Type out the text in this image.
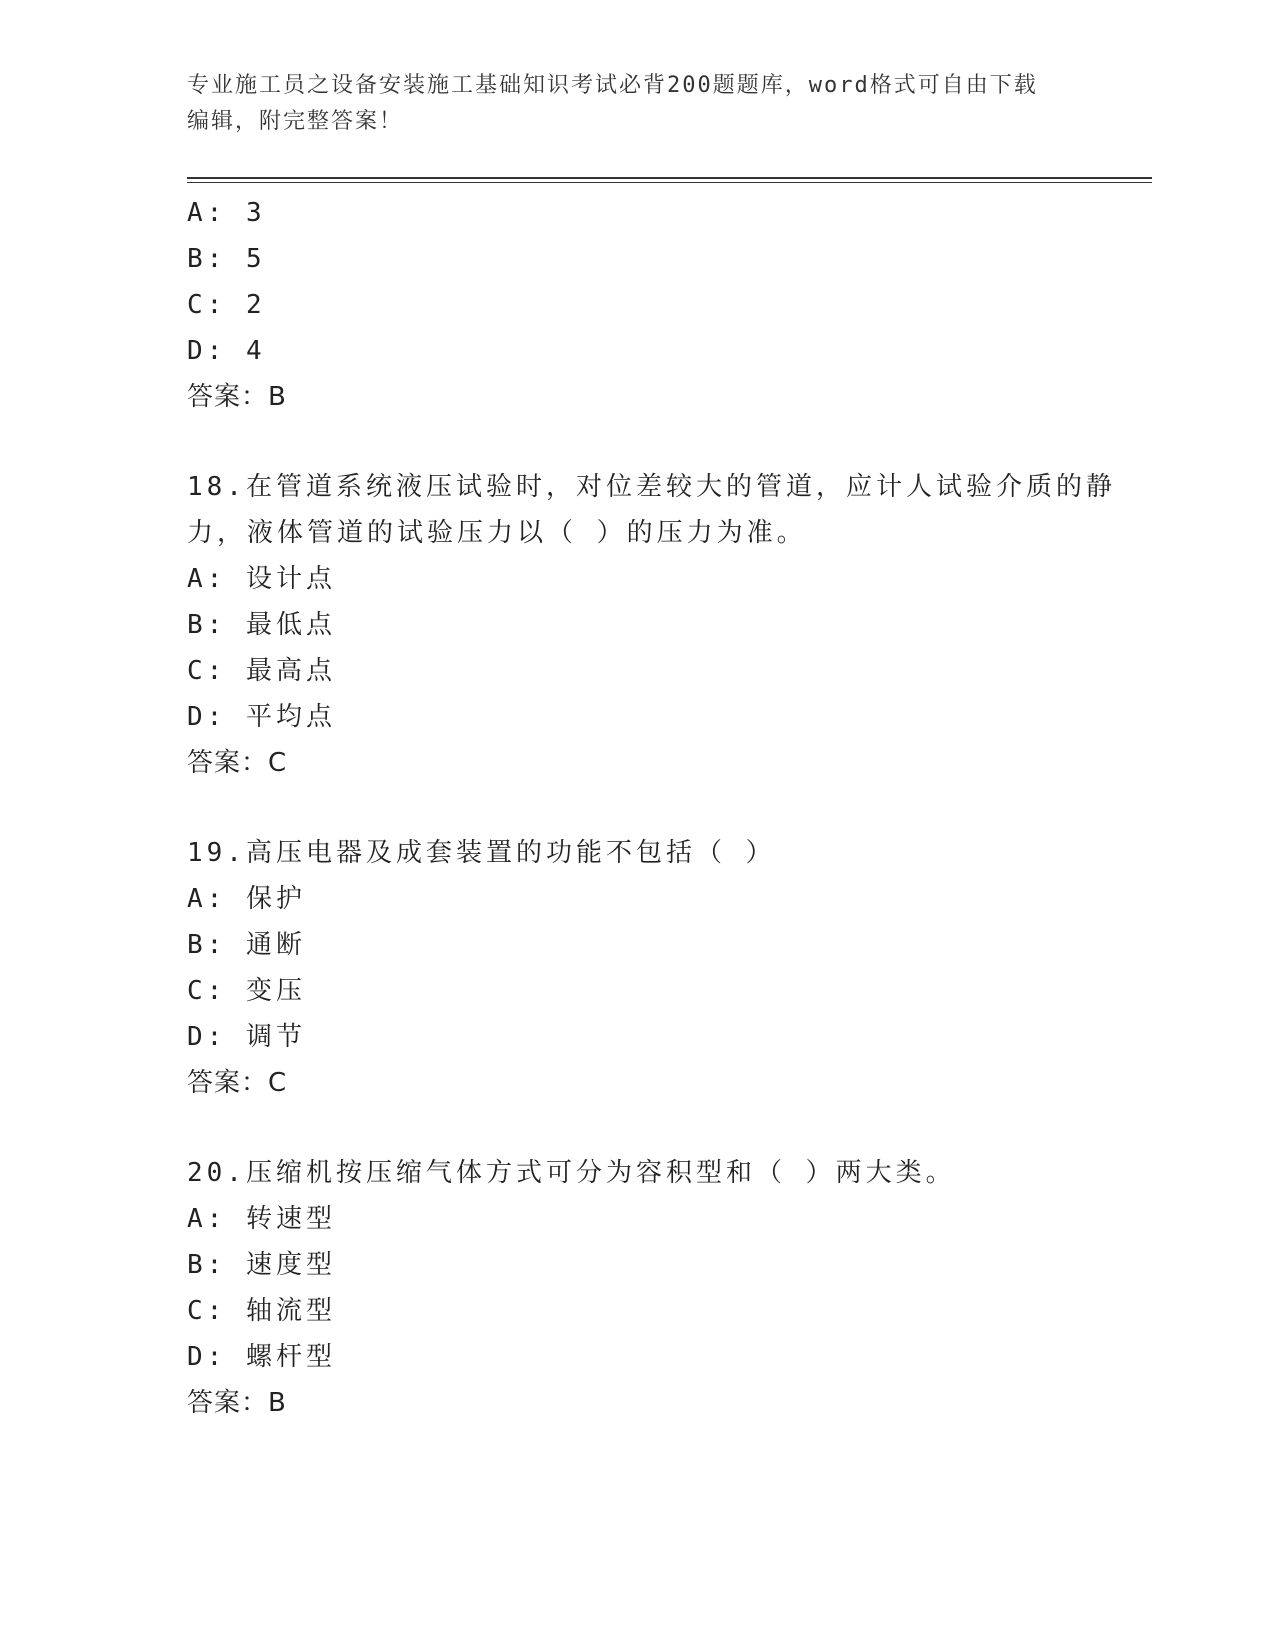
专业施工员之设备安装施工基础知识考试必背200题题库，word格式可自由下载
编辑，附完整答案！
A: 3
B: 5
C: 2
D: 4
答案：B
18.在管道系统液压试验时，对位差较大的管道，应计人试验介质的静
力，液体管道的试验压力以（ ）的压力为准。
A: 设计点
B: 最低点
C: 最高点
D: 平均点
答案：C
19.高压电器及成套装置的功能不包括（ ）
A: 保护
B: 通断
C: 变压
D: 调节
答案：C
20.压缩机按压缩气体方式可分为容积型和（ ）两大类。
A: 转速型
B: 速度型
C: 轴流型
D: 螺杆型
答案：B
